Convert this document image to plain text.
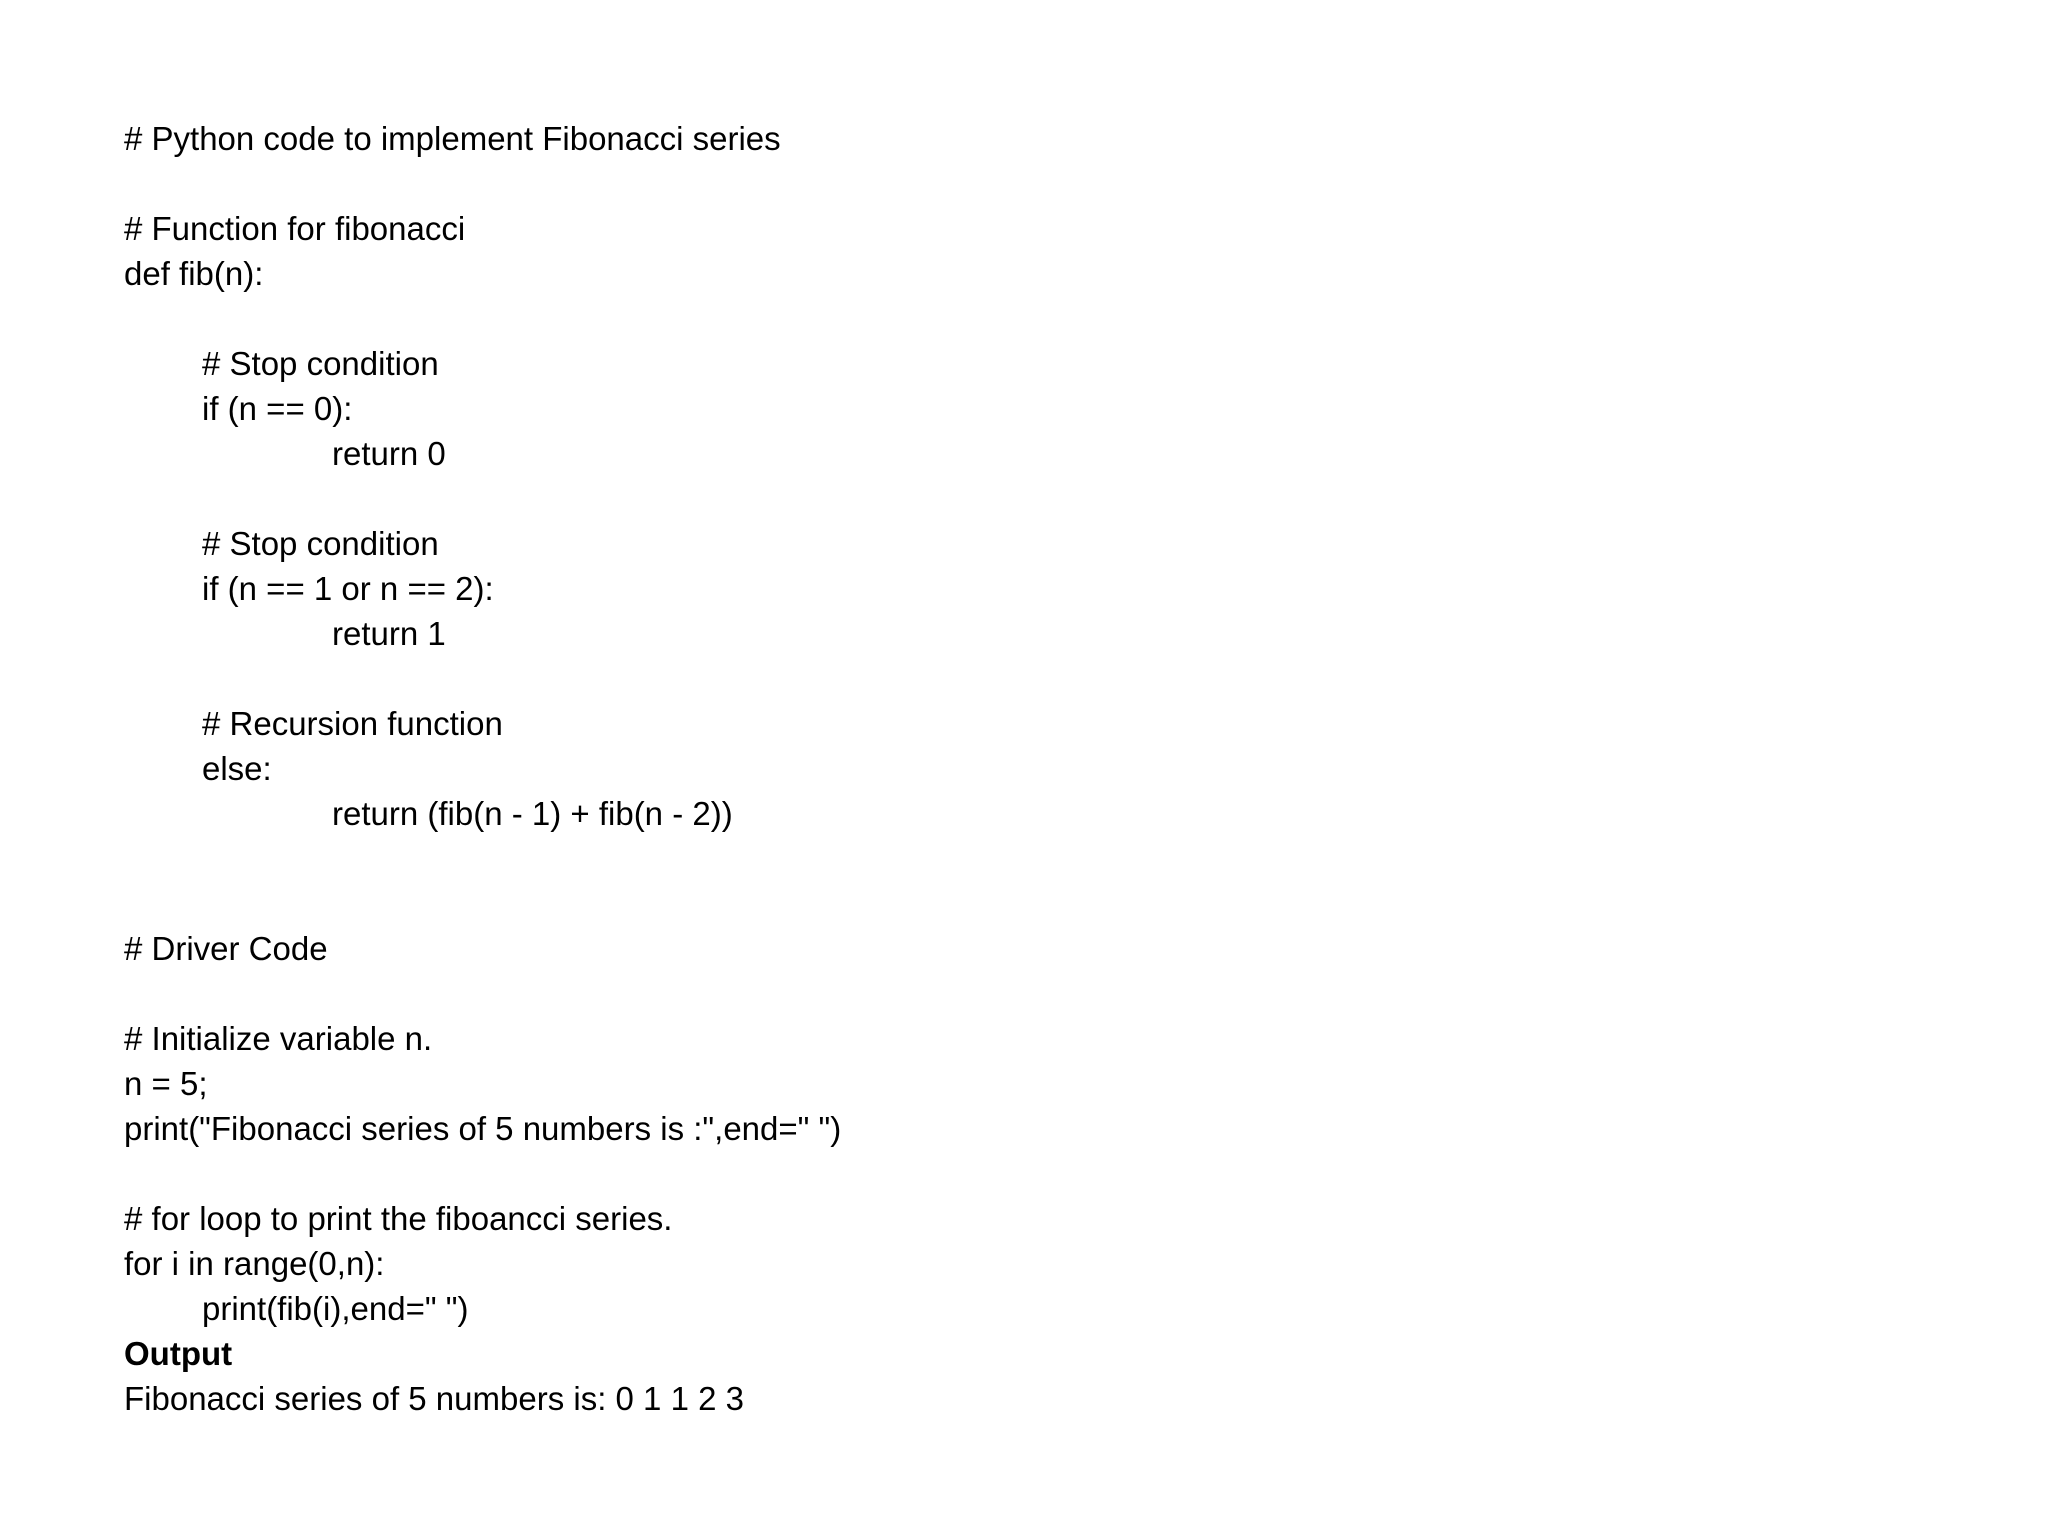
# Python code to implement Fibonacci series
# Function for fibonacci
def fib(n):
# Stop condition
if (n == 0):
return 0
# Stop condition
if (n == 1 or n == 2):
return 1
# Recursion function
else:
return (fib(n - 1) + fib(n - 2))
# Driver Code
# Initialize variable n.
n = 5;
print("Fibonacci series of 5 numbers is :",end=" ")
# for loop to print the fiboancci series.
for i in range(0,n):
print(fib(i),end=" ")
Output
Fibonacci series of 5 numbers is: 0 1 1 2 3
